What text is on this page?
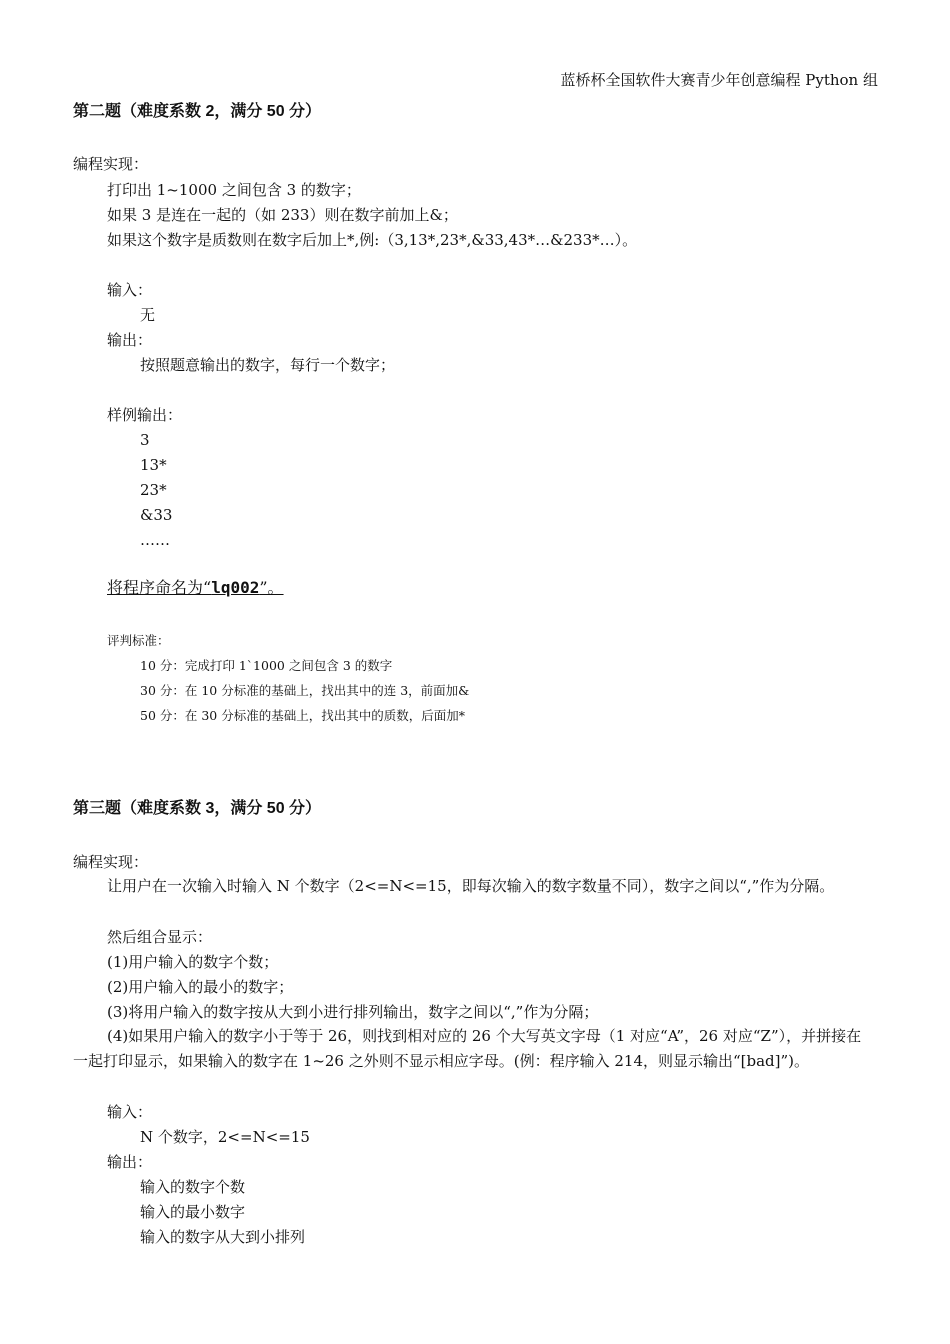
蓝桥杯全国软件大赛青少年创意编程 Python 组
第二题（难度系数 2，满分 50 分）
编程实现：
打印出 1~1000 之间包含 3 的数字；
如果 3 是连在一起的（如 233）则在数字前加上&；
如果这个数字是质数则在数字后加上*,例:（3,13*,23*,&33,43*…&233*…）。
输入：
无
输出：
按照题意输出的数字，每行一个数字；
样例输出：
3
13*
23*
&33
……
将程序命名为“lq002”。
评判标准：
10 分：完成打印 1`1000 之间包含 3 的数字
30 分：在 10 分标准的基础上，找出其中的连 3，前面加&
50 分：在 30 分标准的基础上，找出其中的质数，后面加*
第三题（难度系数 3，满分 50 分）
编程实现：
让用户在一次输入时输入 N 个数字（2<=N<=15，即每次输入的数字数量不同），数字之间以“,”作为分隔。
然后组合显示：
(1)用户输入的数字个数；
(2)用户输入的最小的数字；
(3)将用户输入的数字按从大到小进行排列输出，数字之间以“,”作为分隔；
(4)如果用户输入的数字小于等于 26，则找到相对应的 26 个大写英文字母（1 对应“A”，26 对应“Z”），并拼接在一起打印显示，如果输入的数字在 1~26 之外则不显示相应字母。(例：程序输入 214，则显示输出“[bad]”)。
输入：
N 个数字，2<=N<=15
输出：
输入的数字个数
输入的最小数字
输入的数字从大到小排列
